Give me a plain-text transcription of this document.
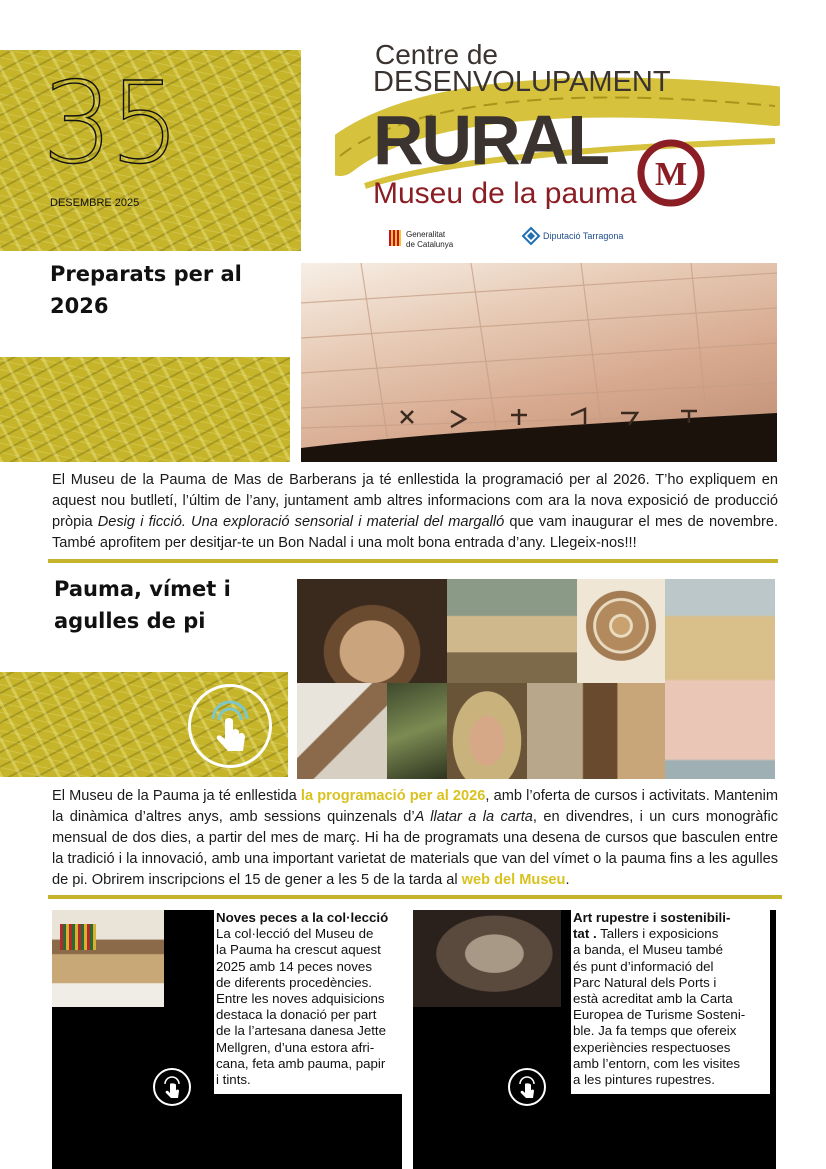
35
DESEMBRE 2025
Centre de
DESENVOLUPAMENT
RURAL
Museu de la pauma
M
Generalitat
de Catalunya
Diputació Tarragona
Preparats per al 2026
El Museu de la Pauma de Mas de Barberans ja té enllestida la programació per al 2026. T’ho expliquem en aquest nou butlletí, l’últim de l’any, juntament amb altres informacions com ara la nova exposició de producció pròpia Desig i ficció. Una exploració sensorial i material del margalló que vam inaugurar el mes de novembre. També aprofitem per desitjar-te un Bon Nadal i una molt bona entrada d’any. Llegeix-nos!!!
Pauma, vímet i agulles de pi
El Museu de la Pauma ja té enllestida la programació per al 2026, amb l’oferta de cursos i activitats. Mantenim la dinàmica d’altres anys, amb sessions quinzenals d’A llatar a la carta, en divendres, i un curs monogràfic mensual de dos dies, a partir del mes de març. Hi ha de programats una desena de cursos que basculen entre la tradició i la innovació, amb una important varietat de materials que van del vímet o la pauma fins a les agulles de pi. Obrirem inscripcions el 15 de gener a les 5 de la tarda al web del Museu.
Noves peces a la col·lecció
La col·lecció del Museu de
la Pauma ha crescut aquest
2025 amb 14 peces noves
de diferents procedències.
Entre les noves adquisicions
destaca la donació per part
de la l’artesana danesa Jette
Mellgren, d’una estora afri-
cana, feta amb pauma, papir
i tints.
Art rupestre i sostenibili-
tat . Tallers i exposicions
a banda, el Museu també
és punt d’informació del
Parc Natural dels Ports i
està acreditat amb la Carta
Europea de Turisme Sosteni-
ble. Ja fa temps que ofereix
experiències respectuoses
amb l’entorn, com les visites
a les pintures rupestres.
